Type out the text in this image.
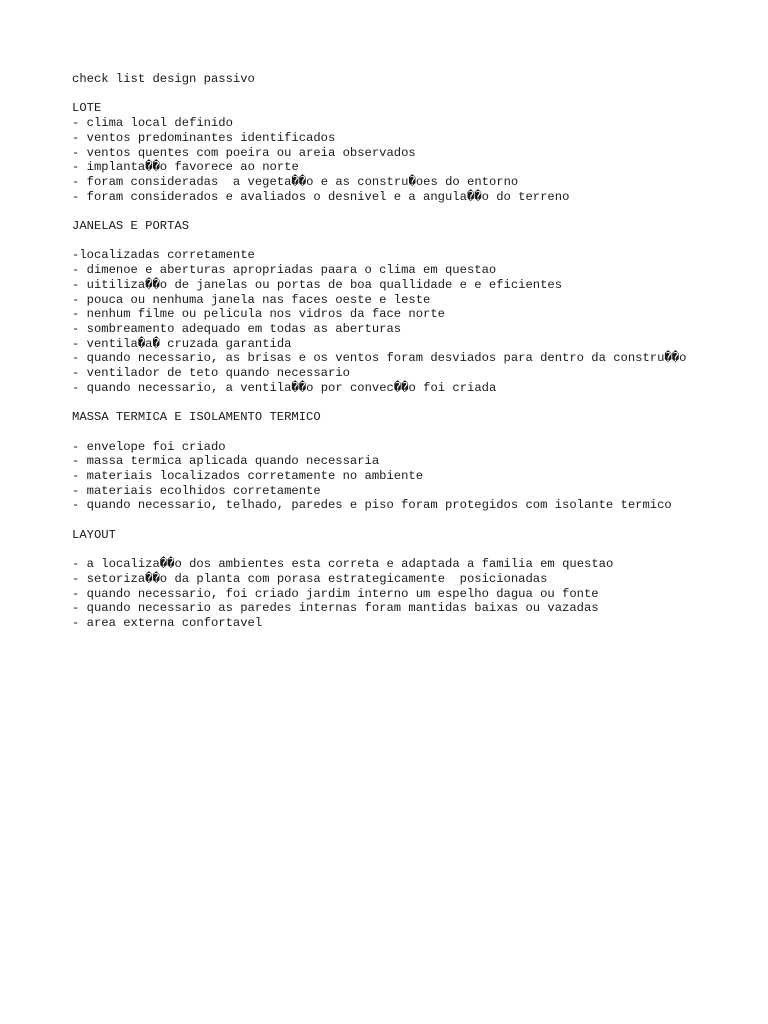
check list design passivo

LOTE

- clima local definido

- ventos predominantes identificados

- ventos quentes com poeira ou areia observados

- implanta��o favorece ao norte

- foram consideradas  a vegeta��o e as constru�oes do entorno

- foram considerados e avaliados o desnivel e a angula��o do terreno

JANELAS E PORTAS

-localizadas corretamente

- dimenoe e aberturas apropriadas paara o clima em questao

- uitiliza��o de janelas ou portas de boa quallidade e e eficientes

- pouca ou nenhuma janela nas faces oeste e leste

- nenhum filme ou pelicula nos vidros da face norte

- sombreamento adequado em todas as aberturas

- ventila�a� cruzada garantida

- quando necessario, as brisas e os ventos foram desviados para dentro da constru��o

- ventilador de teto quando necessario

- quando necessario, a ventila��o por convec��o foi criada

MASSA TERMICA E ISOLAMENTO TERMICO

- envelope foi criado

- massa termica aplicada quando necessaria

- materiais localizados corretamente no ambiente

- materiais ecolhidos corretamente

- quando necessario, telhado, paredes e piso foram protegidos com isolante termico

LAYOUT

- a localiza��o dos ambientes esta correta e adaptada a familia em questao

- setoriza��o da planta com porasa estrategicamente  posicionadas

- quando necessario, foi criado jardim interno um espelho dagua ou fonte

- quando necessario as paredes internas foram mantidas baixas ou vazadas

- area externa confortavel
